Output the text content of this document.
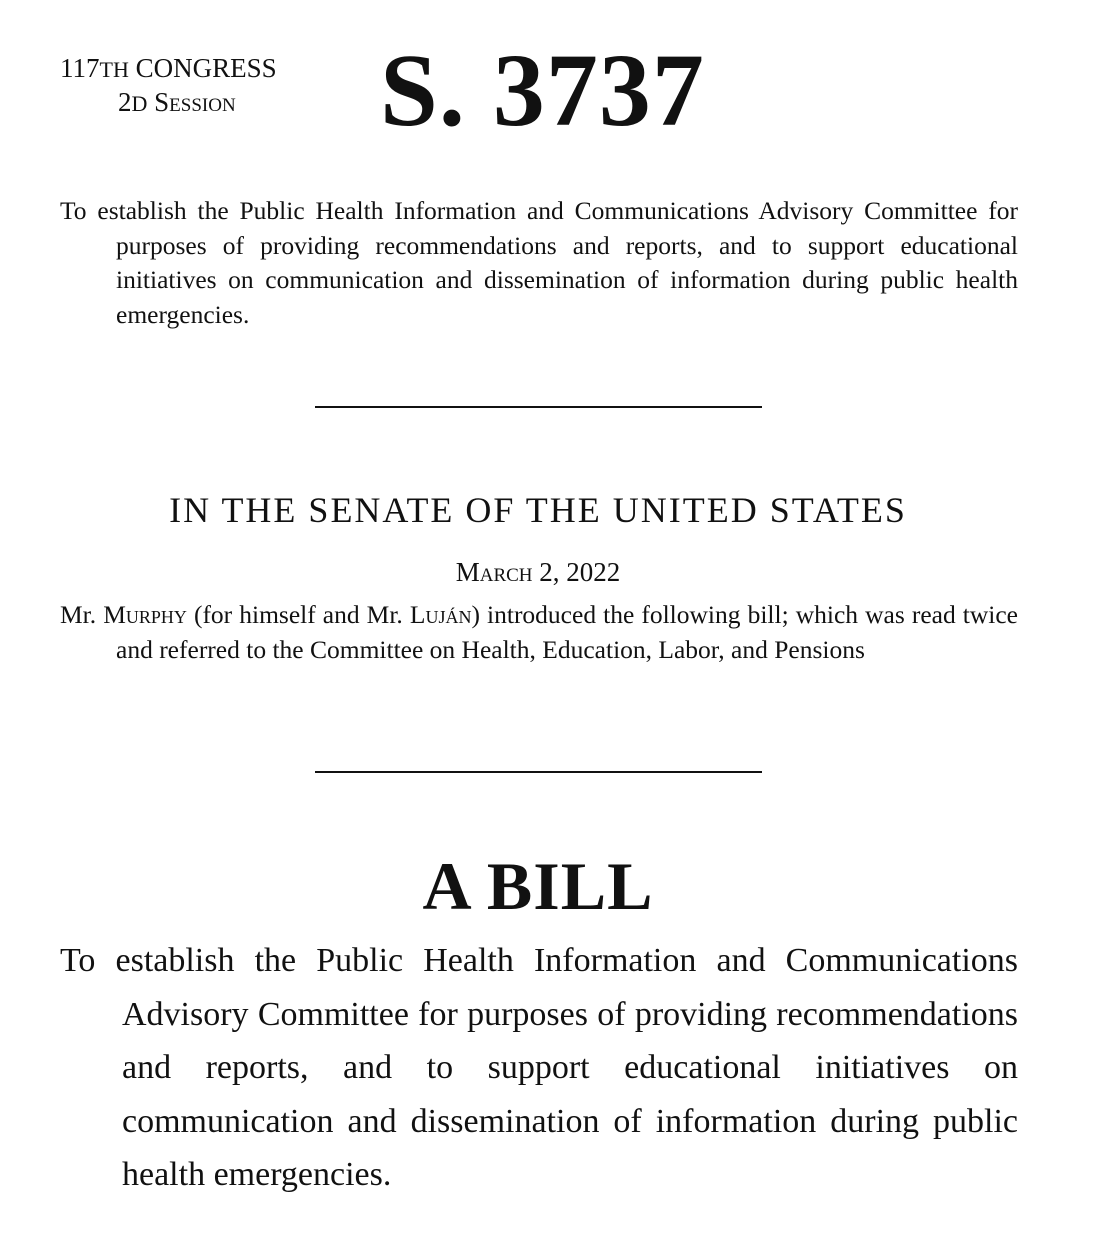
117TH CONGRESS
2D Session	S. 3737
To establish the Public Health Information and Communications Advisory Committee for purposes of providing recommendations and reports, and to support educational initiatives on communication and dissemination of information during public health emergencies.
IN THE SENATE OF THE UNITED STATES
March 2, 2022
Mr. Murphy (for himself and Mr. Luján) introduced the following bill; which was read twice and referred to the Committee on Health, Education, Labor, and Pensions
A BILL
To establish the Public Health Information and Communications Advisory Committee for purposes of providing recommendations and reports, and to support educational initiatives on communication and dissemination of information during public health emergencies.
